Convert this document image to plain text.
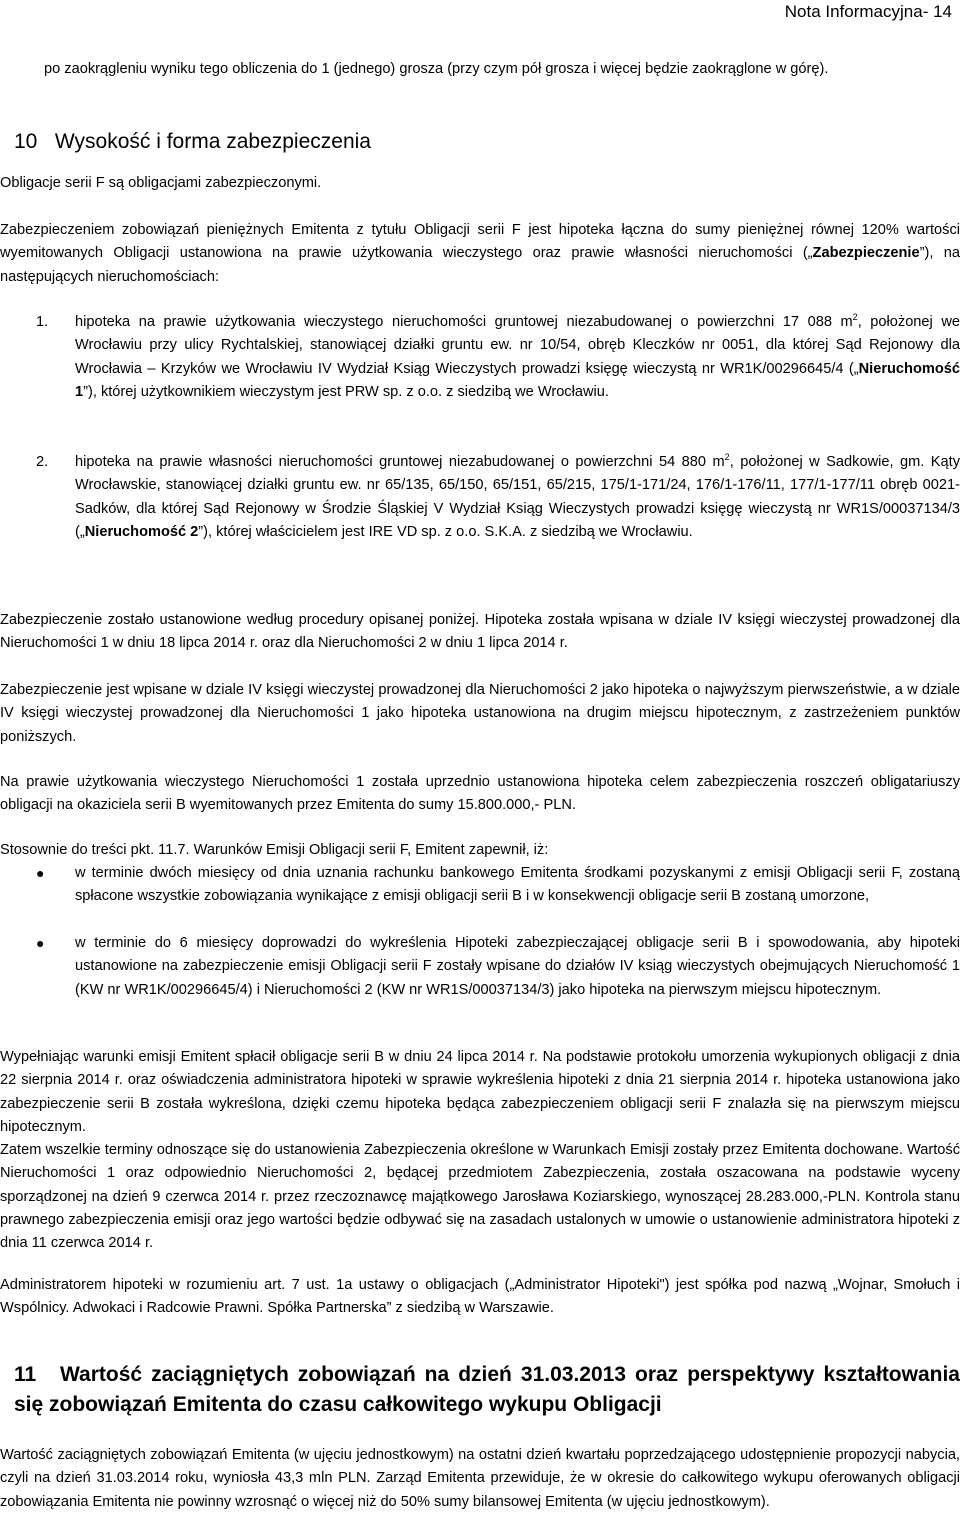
Nota Informacyjna- 14
po zaokrągleniu wyniku tego obliczenia do 1 (jednego) grosza (przy czym pół grosza i więcej będzie zaokrąglone w górę).
10 Wysokość i forma zabezpieczenia
Obligacje serii F są obligacjami zabezpieczonymi.
Zabezpieczeniem zobowiązań pieniężnych Emitenta z tytułu Obligacji serii F jest hipoteka łączna do sumy pieniężnej równej 120% wartości wyemitowanych Obligacji ustanowiona na prawie użytkowania wieczystego oraz prawie własności nieruchomości („Zabezpieczenie”), na następujących nieruchomościach:
1. hipoteka na prawie użytkowania wieczystego nieruchomości gruntowej niezabudowanej o powierzchni 17 088 $m^2$, położonej we Wrocławiu przy ulicy Rychtalskiej, stanowiącej działki gruntu ew. nr 10/54, obręb Kleczków nr 0051, dla której Sąd Rejonowy dla Wrocławia – Krzyków we Wrocławiu IV Wydział Ksiąg Wieczystych prowadzi księgę wieczystą nr WR1K/00296645/4 („Nieruchomość 1”), której użytkownikiem wieczystym jest PRW sp. z o.o. z siedzibą we Wrocławiu.
2. hipoteka na prawie własności nieruchomości gruntowej niezabudowanej o powierzchni 54 880 $m^2$, położonej w Sadkowie, gm. Kąty Wrocławskie, stanowiącej działki gruntu ew. nr 65/135, 65/150, 65/151, 65/215, 175/1-171/24, 176/1-176/11, 177/1-177/11 obręb 0021-Sadków, dla której Sąd Rejonowy w Środzie Śląskiej V Wydział Ksiąg Wieczystych prowadzi księgę wieczystą nr WR1S/00037134/3 („Nieruchomość 2”), której właścicielem jest IRE VD sp. z o.o. S.K.A. z siedzibą we Wrocławiu.
Zabezpieczenie zostało ustanowione według procedury opisanej poniżej. Hipoteka została wpisana w dziale IV księgi wieczystej prowadzonej dla Nieruchomości 1 w dniu 18 lipca 2014 r. oraz dla Nieruchomości 2 w dniu 1 lipca 2014 r.
Zabezpieczenie jest wpisane w dziale IV księgi wieczystej prowadzonej dla Nieruchomości 2 jako hipoteka o najwyższym pierwszeństwie, a w dziale IV księgi wieczystej prowadzonej dla Nieruchomości 1 jako hipoteka ustanowiona na drugim miejscu hipotecznym, z zastrzeżeniem punktów poniższych.
Na prawie użytkowania wieczystego Nieruchomości 1 została uprzednio ustanowiona hipoteka celem zabezpieczenia roszczeń obligatariuszy obligacji na okaziciela serii B wyemitowanych przez Emitenta do sumy 15.800.000,- PLN.
Stosownie do treści pkt. 11.7. Warunków Emisji Obligacji serii F, Emitent zapewnił, iż:
● w terminie dwóch miesięcy od dnia uznania rachunku bankowego Emitenta środkami pozyskanymi z emisji Obligacji serii F, zostaną spłacone wszystkie zobowiązania wynikające z emisji obligacji serii B i w konsekwencji obligacje serii B zostaną umorzone,
● w terminie do 6 miesięcy doprowadzi do wykreślenia Hipoteki zabezpieczającej obligacje serii B i spowodowania, aby hipoteki ustanowione na zabezpieczenie emisji Obligacji serii F zostały wpisane do działów IV ksiąg wieczystych obejmujących Nieruchomość 1 (KW nr WR1K/00296645/4) i Nieruchomości 2 (KW nr WR1S/00037134/3) jako hipoteka na pierwszym miejscu hipotecznym.
Wypełniając warunki emisji Emitent spłacił obligacje serii B w dniu 24 lipca 2014 r. Na podstawie protokołu umorzenia wykupionych obligacji z dnia 22 sierpnia 2014 r. oraz oświadczenia administratora hipoteki w sprawie wykreślenia hipoteki z dnia 21 sierpnia 2014 r. hipoteka ustanowiona jako zabezpieczenie serii B została wykreślona, dzięki czemu hipoteka będąca zabezpieczeniem obligacji serii F znalazła się na pierwszym miejscu hipotecznym.
Zatem wszelkie terminy odnoszące się do ustanowienia Zabezpieczenia określone w Warunkach Emisji zostały przez Emitenta dochowane. Wartość Nieruchomości 1 oraz odpowiednio Nieruchomości 2, będącej przedmiotem Zabezpieczenia, została oszacowana na podstawie wyceny sporządzonej na dzień 9 czerwca 2014 r. przez rzeczoznawcę majątkowego Jarosława Koziarskiego, wynoszącej 28.283.000,-PLN. Kontrola stanu prawnego zabezpieczenia emisji oraz jego wartości będzie odbywać się na zasadach ustalonych w umowie o ustanowienie administratora hipoteki z dnia 11 czerwca 2014 r.
Administratorem hipoteki w rozumieniu art. 7 ust. 1a ustawy o obligacjach („Administrator Hipoteki") jest spółka pod nazwą „Wojnar, Smołuch i Wspólnicy. Adwokaci i Radcowie Prawni. Spółka Partnerska” z siedzibą w Warszawie.
11 Wartość zaciągniętych zobowiązań na dzień 31.03.2013 oraz perspektywy kształtowania się zobowiązań Emitenta do czasu całkowitego wykupu Obligacji
Wartość zaciągniętych zobowiązań Emitenta (w ujęciu jednostkowym) na ostatni dzień kwartału poprzedzającego udostępnienie propozycji nabycia, czyli na dzień 31.03.2014 roku, wyniosła 43,3 mln PLN. Zarząd Emitenta przewiduje, że w okresie do całkowitego wykupu oferowanych obligacji zobowiązania Emitenta nie powinny wzrosnąć o więcej niż do 50% sumy bilansowej Emitenta (w ujęciu jednostkowym).
